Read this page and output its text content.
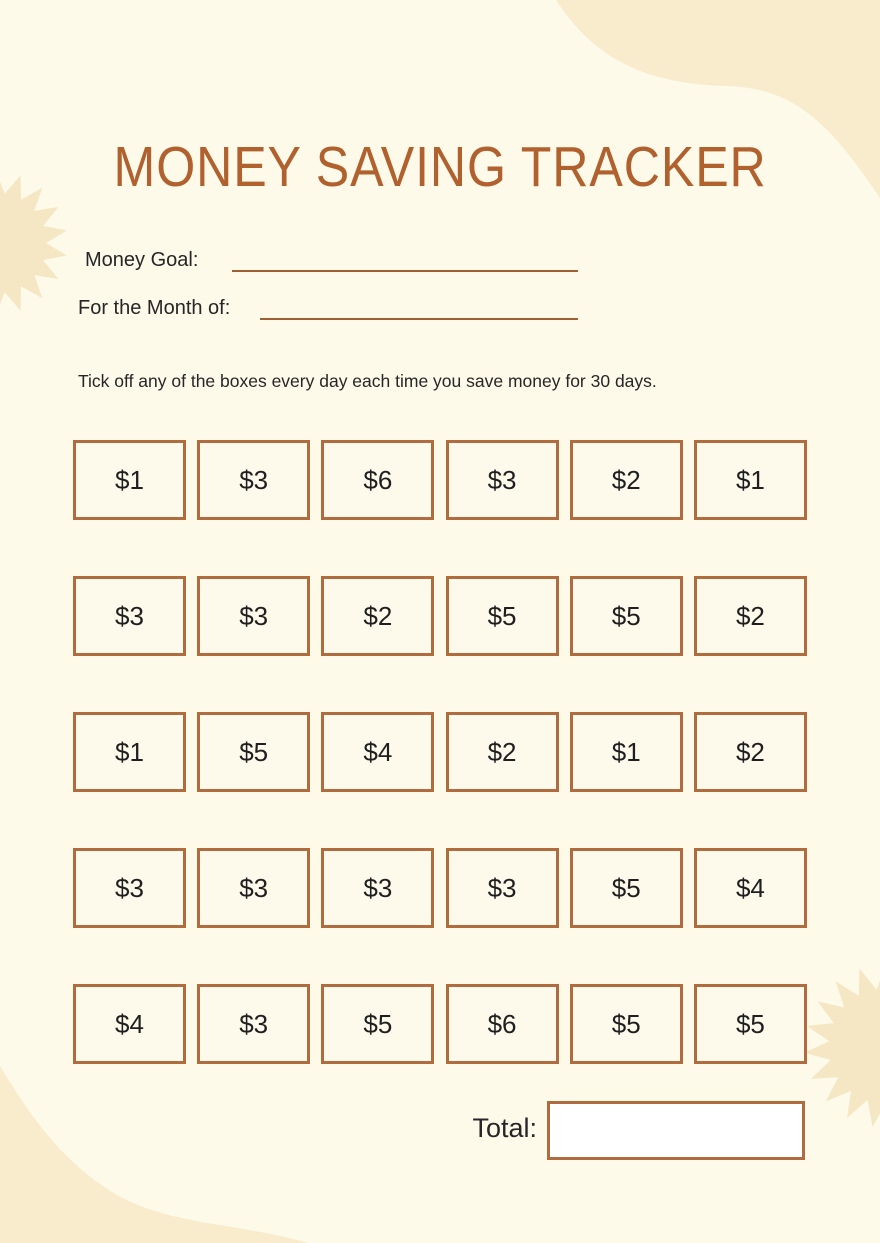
MONEY SAVING TRACKER
Money Goal:
For the Month of:

Tick off any of the boxes every day each time you save money for 30 days.

$1	$3	$6	$3	$2	$1
$3	$3	$2	$5	$5	$2
$1	$5	$4	$2	$1	$2
$3	$3	$3	$3	$5	$4
$4	$3	$5	$6	$5	$5
Total:
